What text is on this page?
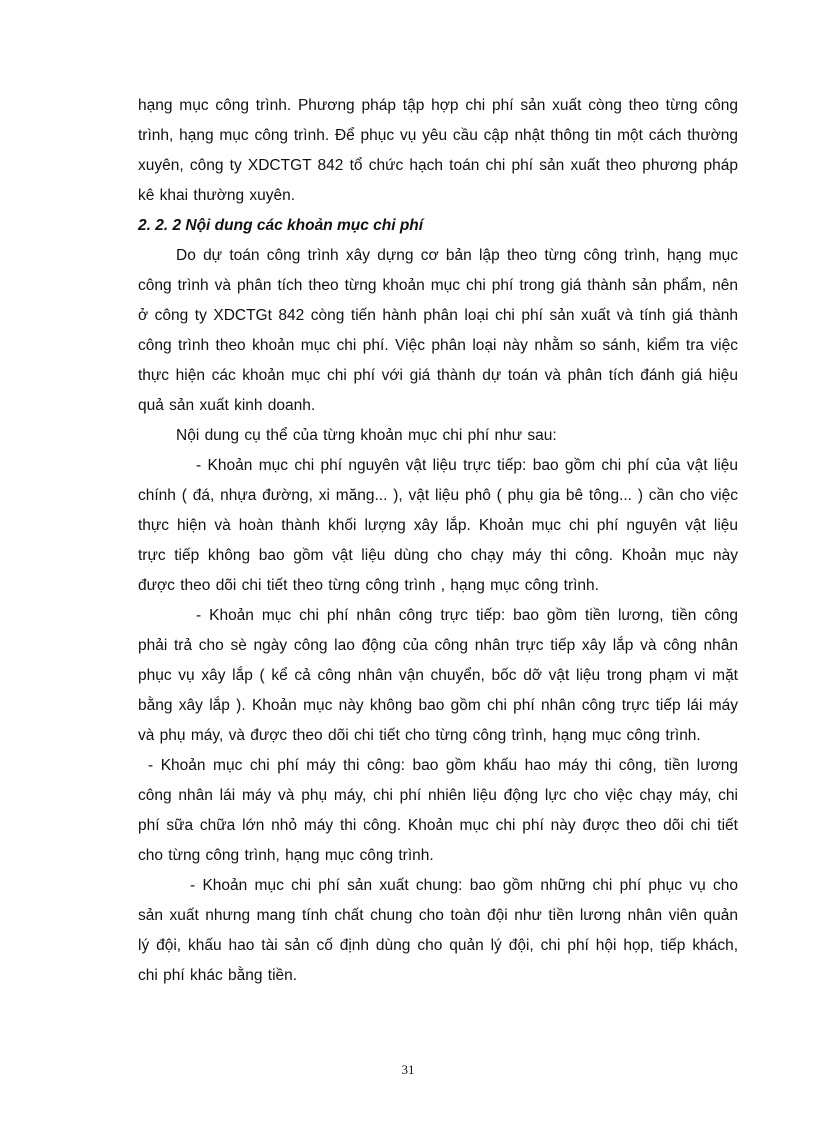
hạng mục công trình. Phương pháp tập hợp chi phí sản xuất còng theo từng công
trình, hạng mục công trình. Để phục vụ yêu cầu cập nhật thông tin một cách thường
xuyên, công ty XDCTGT 842 tổ chức hạch toán chi phí sản xuất theo phương pháp
kê khai thường xuyên.
2. 2. 2 Nội dung các khoản mục chi phí
Do dự toán công trình xây dựng cơ bản lập theo từng công trình, hạng mục
công trình và phân tích theo từng khoản mục chi phí trong giá thành sản phẩm, nên
ở công ty XDCTGt 842 còng tiến hành phân loại chi phí sản xuất và tính giá thành
công trình theo khoản mục chi phí. Việc phân loại này nhằm so sánh, kiểm tra việc
thực hiện các khoản mục chi phí với giá thành dự toán và phân tích đánh giá hiệu
quả sản xuất kinh doanh.
Nội dung cụ thể của từng khoản mục chi phí như sau:
- Khoản mục chi phí nguyên vật liệu trực tiếp: bao gồm chi phí của vật liệu
chính ( đá, nhựa đường, xi măng... ), vật liệu phô ( phụ gia bê tông... ) cần cho việc
thực hiện và hoàn thành khối lượng xây lắp. Khoản mục chi phí nguyên vật liệu
trực tiếp không bao gồm vật liệu dùng cho chạy máy thi công. Khoản mục này
được theo dõi chi tiết theo từng công trình , hạng mục công trình.
- Khoản mục chi phí nhân công trực tiếp: bao gồm tiền lương, tiền công
phải trả cho sè ngày công lao động của công nhân trực tiếp xây lắp và công nhân
phục vụ xây lắp ( kể cả công nhân vận chuyển, bốc dỡ vật liệu trong phạm vi mặt
bằng xây lắp ). Khoản mục này không bao gồm chi phí nhân công trực tiếp lái máy
và phụ máy, và được theo dõi chi tiết cho từng công trình, hạng mục công trình.
- Khoản mục chi phí máy thi công: bao gồm khấu hao máy thi công, tiền lương
công nhân lái máy và phụ máy, chi phí nhiên liệu động lực cho việc chạy máy, chi
phí sữa chữa lớn nhỏ máy thi công. Khoản mục chi phí này được theo dõi chi tiết
cho từng công trình, hạng mục công trình.
- Khoản mục chi phí sản xuất chung: bao gồm những chi phí phục vụ cho
sản xuất nhưng mang tính chất chung cho toàn đội như tiền lương nhân viên quản
lý đội, khấu hao tài sản cố định dùng cho quản lý đội, chi phí hội họp, tiếp khách,
chi phí khác bằng tiền.
31
